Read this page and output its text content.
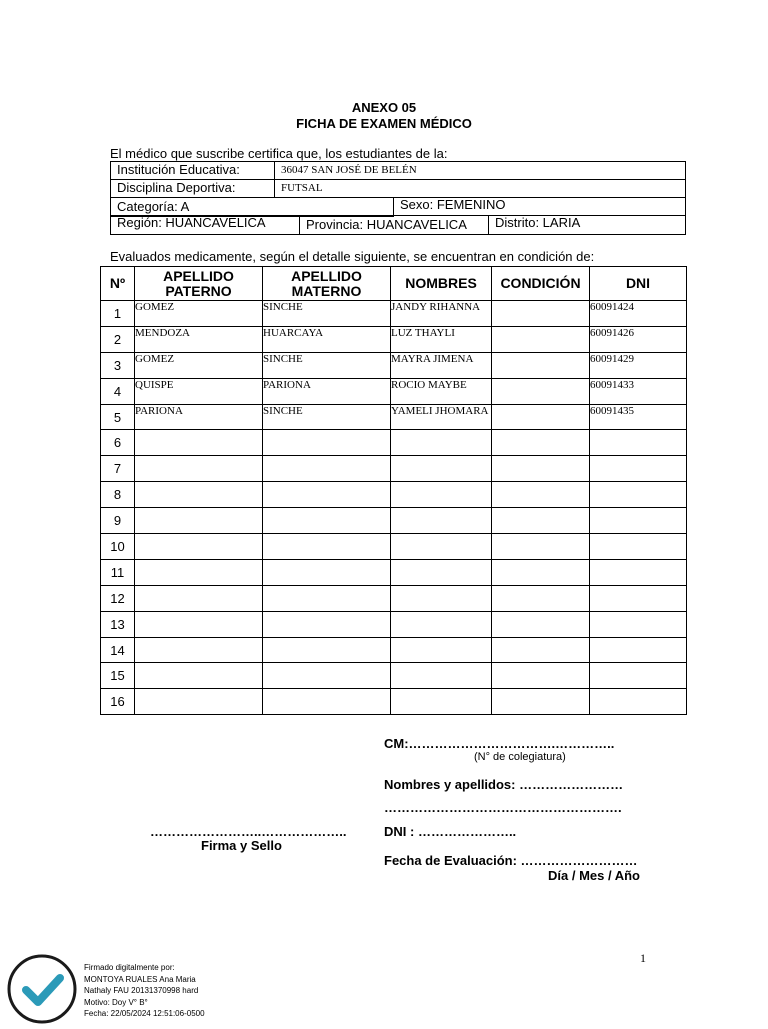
ANEXO 05
FICHA DE EXAMEN MÉDICO
El médico que suscribe certifica que, los estudiantes de la:
Institución Educativa:	36047 SAN JOSÉ DE BELÉN
Disciplina Deportiva:	FUTSAL
Categoría: A	Sexo: FEMENINO
Región: HUANCAVELICA	Provincia: HUANCAVELICA	Distrito: LARIA
Evaluados medicamente, según el detalle siguiente, se encuentran en condición de:
Nº	APELLIDO PATERNO	APELLIDO MATERNO	NOMBRES	CONDICIÓN	DNI
1	GOMEZ	SINCHE	JANDY RIHANNA		60091424
2	MENDOZA	HUARCAYA	LUZ THAYLI		60091426
3	GOMEZ	SINCHE	MAYRA JIMENA		60091429
4	QUISPE	PARIONA	ROCIO MAYBE		60091433
5	PARIONA	SINCHE	YAMELI JHOMARA		60091435
6					
7					
8					
9					
10					
11					
12					
13					
14					
15					
16					
CM:…………………………….…………..
(N° de colegiatura)
Nombres y apellidos: ……………………
……………………………………………….
……………………..………………..	DNI : …………………..
Firma y Sello
Fecha de Evaluación: ………………………
Día / Mes / Año
1
Firmado digitalmente por:
MONTOYA RUALES Ana Maria
Nathaly FAU 20131370998 hard
Motivo: Doy V° B°
Fecha: 22/05/2024 12:51:06-0500
